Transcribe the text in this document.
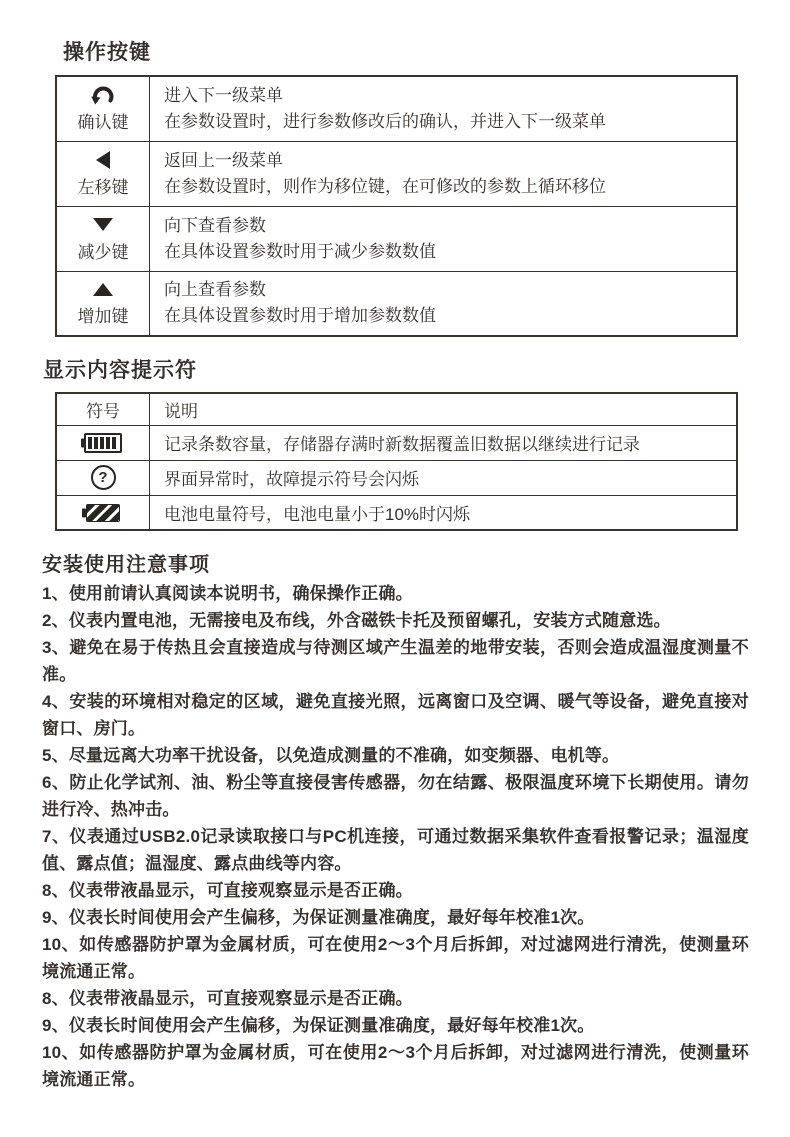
操作按键
确认键	进入下一级菜单
在参数设置时，进行参数修改后的确认，并进入下一级菜单

左移键	返回上一级菜单
在参数设置时，则作为移位键，在可修改的参数上循环移位

减少键	向下查看参数
在具体设置参数时用于减少参数数值

增加键	向上查看参数
在具体设置参数时用于增加参数数值
显示内容提示符
符号	说明

	记录条数容量，存储器存满时新数据覆盖旧数据以继续进行记录

?	界面异常时，故障提示符号会闪烁

	电池电量符号，电池电量小于10%时闪烁
安装使用注意事项

1、使用前请认真阅读本说明书，确保操作正确。

2、仪表内置电池，无需接电及布线，外含磁铁卡托及预留螺孔，安装方式随意选。

3、避免在易于传热且会直接造成与待测区域产生温差的地带安装，否则会造成温湿度测量不准。

4、安装的环境相对稳定的区域，避免直接光照，远离窗口及空调、暖气等设备，避免直接对窗口、房门。

5、尽量远离大功率干扰设备，以免造成测量的不准确，如变频器、电机等。

6、防止化学试剂、油、粉尘等直接侵害传感器，勿在结露、极限温度环境下长期使用。请勿进行冷、热冲击。

7、仪表通过USB2.0记录读取接口与PC机连接，可通过数据采集软件查看报警记录；温湿度值、露点值；温湿度、露点曲线等内容。

8、仪表带液晶显示，可直接观察显示是否正确。

9、仪表长时间使用会产生偏移，为保证测量准确度，最好每年校准1次。

10、如传感器防护罩为金属材质，可在使用2～3个月后拆卸，对过滤网进行清洗，使测量环境流通正常。

8、仪表带液晶显示，可直接观察显示是否正确。

9、仪表长时间使用会产生偏移，为保证测量准确度，最好每年校准1次。

10、如传感器防护罩为金属材质，可在使用2～3个月后拆卸，对过滤网进行清洗，使测量环境流通正常。
